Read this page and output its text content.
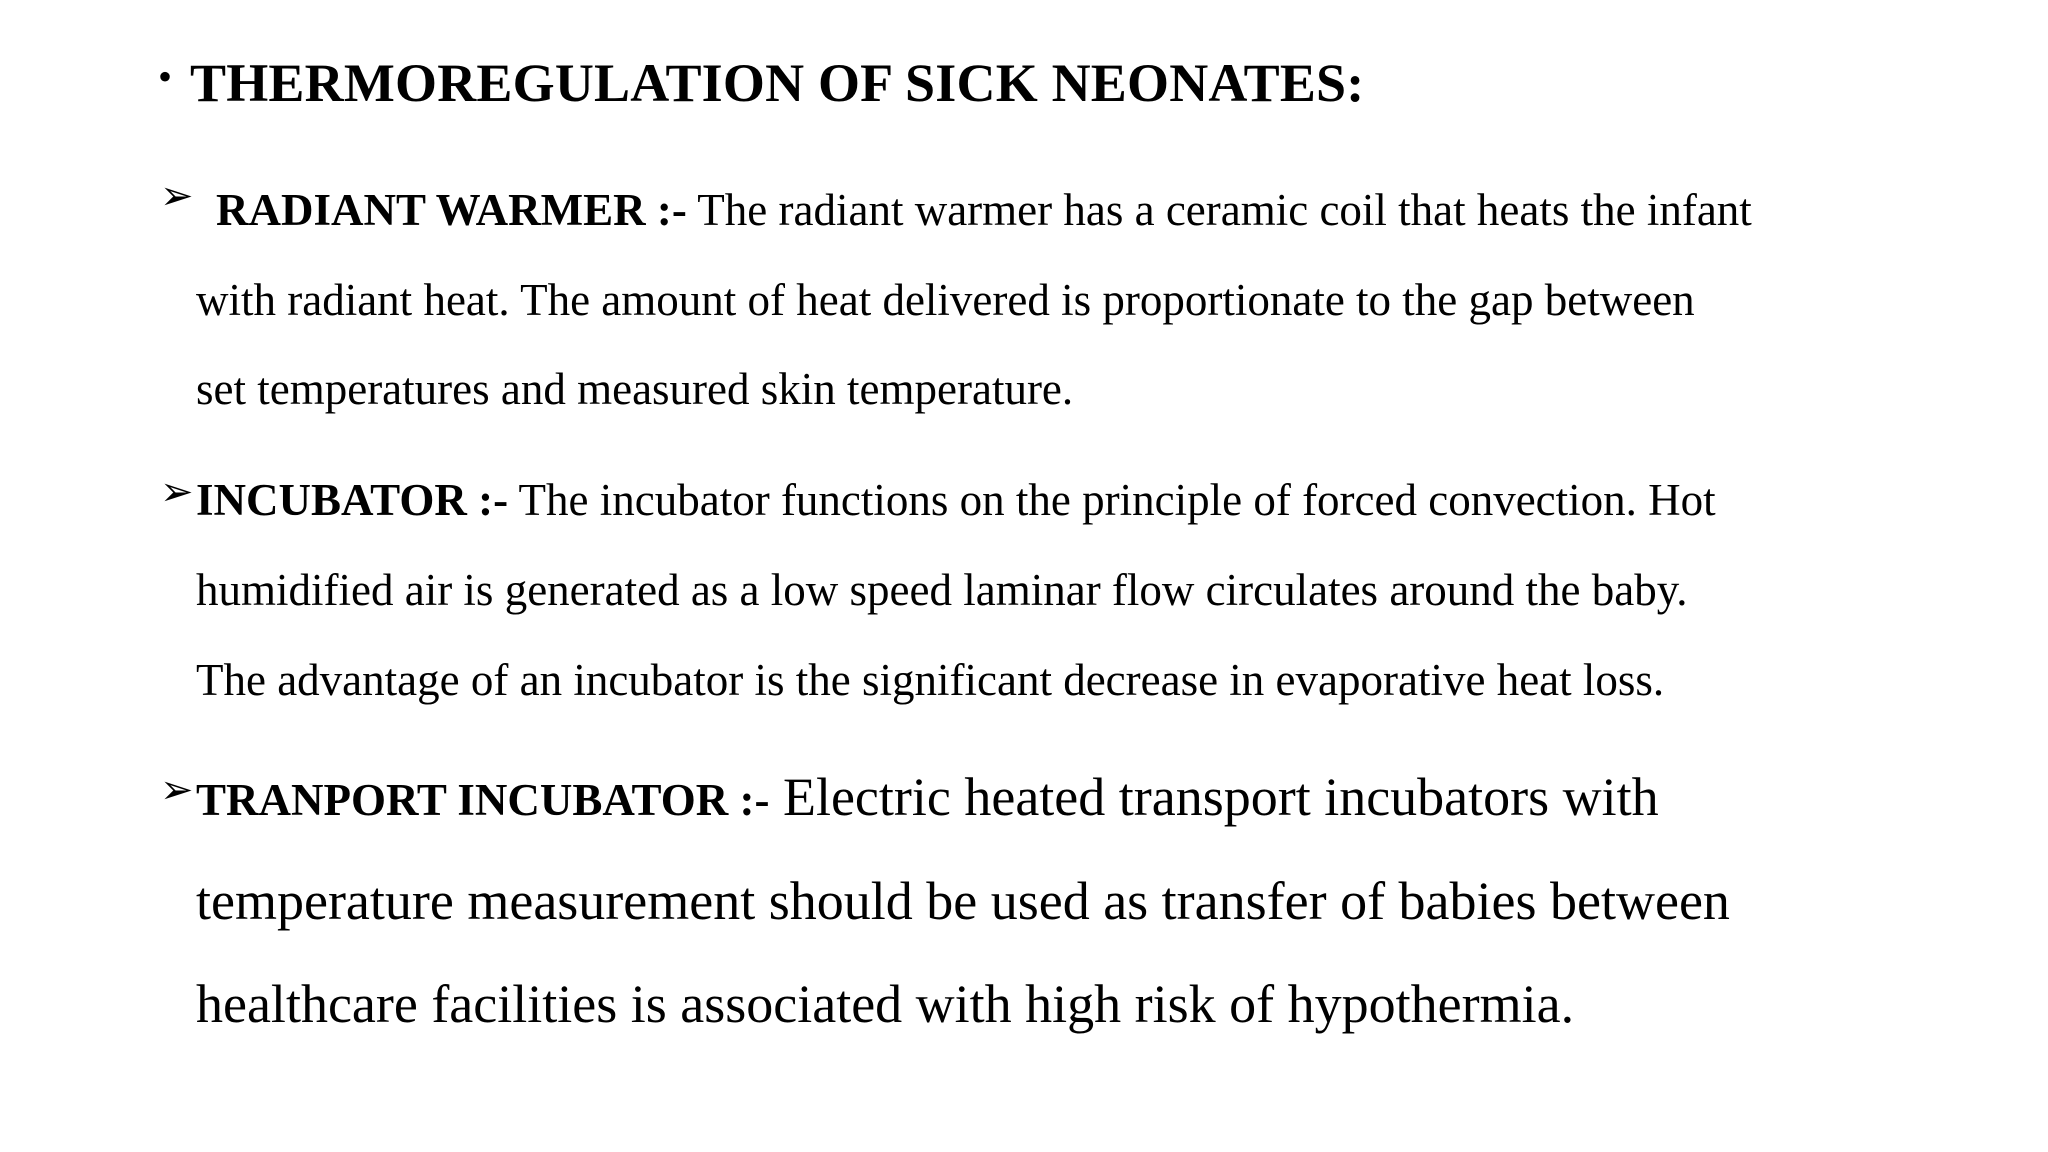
• THERMOREGULATION OF SICK NEONATES:
➢ RADIANT WARMER :- The radiant warmer has a ceramic coil that heats the infant
with radiant heat. The amount of heat delivered is proportionate to the gap between
set temperatures and measured skin temperature.
➢ INCUBATOR :- The incubator functions on the principle of forced convection. Hot
humidified air is generated as a low speed laminar flow circulates around the baby.
The advantage of an incubator is the significant decrease in evaporative heat loss.
➢ TRANPORT INCUBATOR :- Electric heated transport incubators with
temperature measurement should be used as transfer of babies between
healthcare facilities is associated with high risk of hypothermia.
